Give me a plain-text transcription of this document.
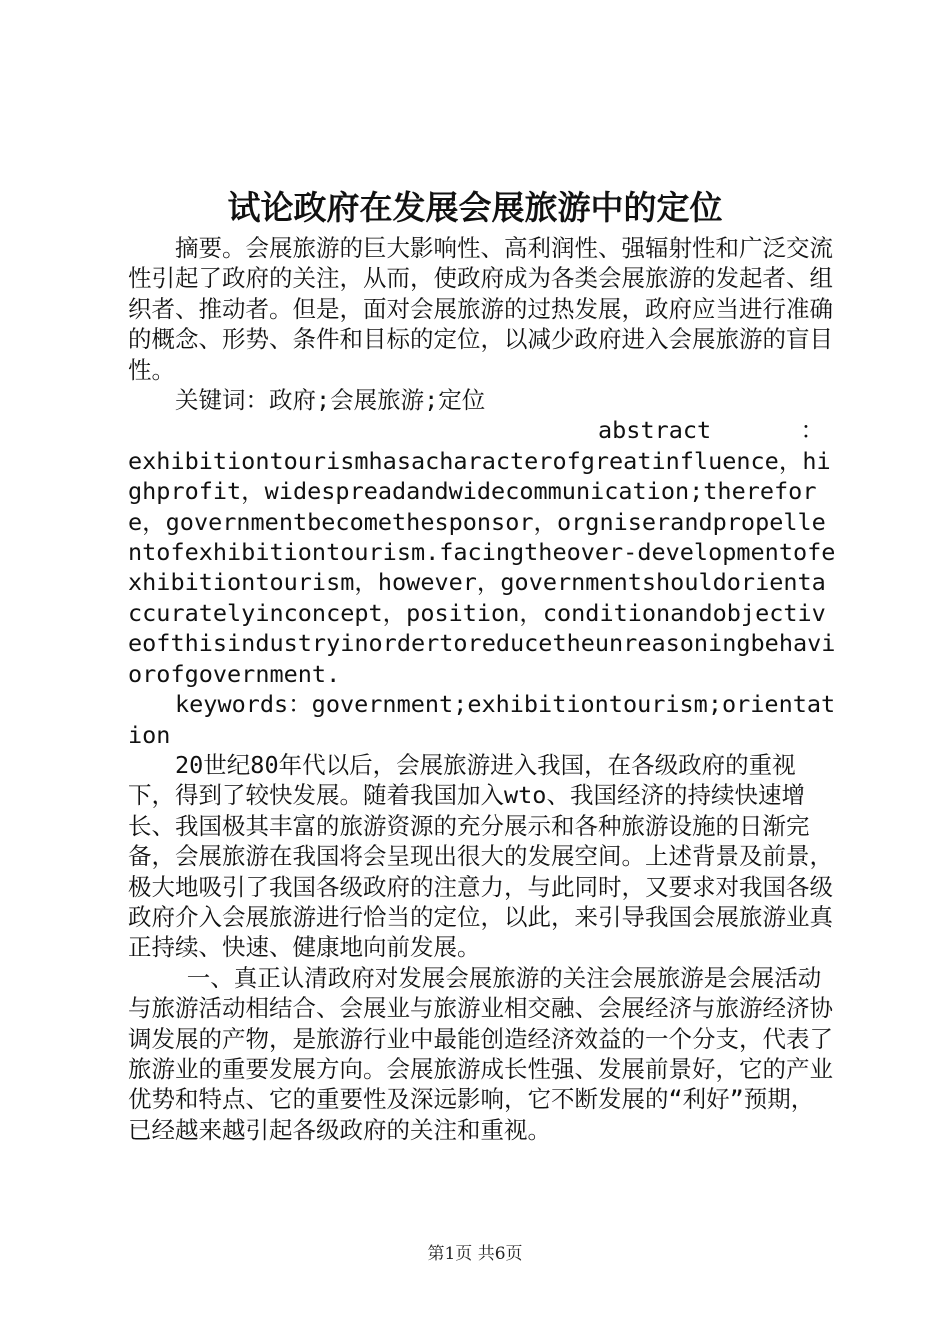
试论政府在发展会展旅游中的定位

摘要。会展旅游的巨大影响性、高利润性、强辐射性和广泛交流性引起了政府的关注，从而，使政府成为各类会展旅游的发起者、组织者、推动者。但是，面对会展旅游的过热发展，政府应当进行准确的概念、形势、条件和目标的定位，以减少政府进入会展旅游的盲目性。

关键词：政府;会展旅游;定位

abstract	：

exhibitiontourismhasacharacterofgreatinfluence，highprofit，widespreadandwidecommunication;therefore，governmentbecomethesponsor，orgniserandpropellentofexhibitiontourism.facingtheover-developmentofexhibitiontourism，however，governmentshouldorientaccuratelyinconcept，position，conditionandobjectiveofthisindustryinordertoreducetheunreasoningbehaviorofgovernment.

keywords：government;exhibitiontourism;orientation

20世纪80年代以后，会展旅游进入我国，在各级政府的重视下，得到了较快发展。随着我国加入wto、我国经济的持续快速增长、我国极其丰富的旅游资源的充分展示和各种旅游设施的日渐完备，会展旅游在我国将会呈现出很大的发展空间。上述背景及前景，极大地吸引了我国各级政府的注意力，与此同时，又要求对我国各级政府介入会展旅游进行恰当的定位，以此，来引导我国会展旅游业真正持续、快速、健康地向前发展。

一、真正认清政府对发展会展旅游的关注会展旅游是会展活动与旅游活动相结合、会展业与旅游业相交融、会展经济与旅游经济协调发展的产物，是旅游行业中最能创造经济效益的一个分支，代表了旅游业的重要发展方向。会展旅游成长性强、发展前景好，它的产业优势和特点、它的重要性及深远影响，它不断发展的“利好”预期，已经越来越引起各级政府的关注和重视。

第1页 共6页
